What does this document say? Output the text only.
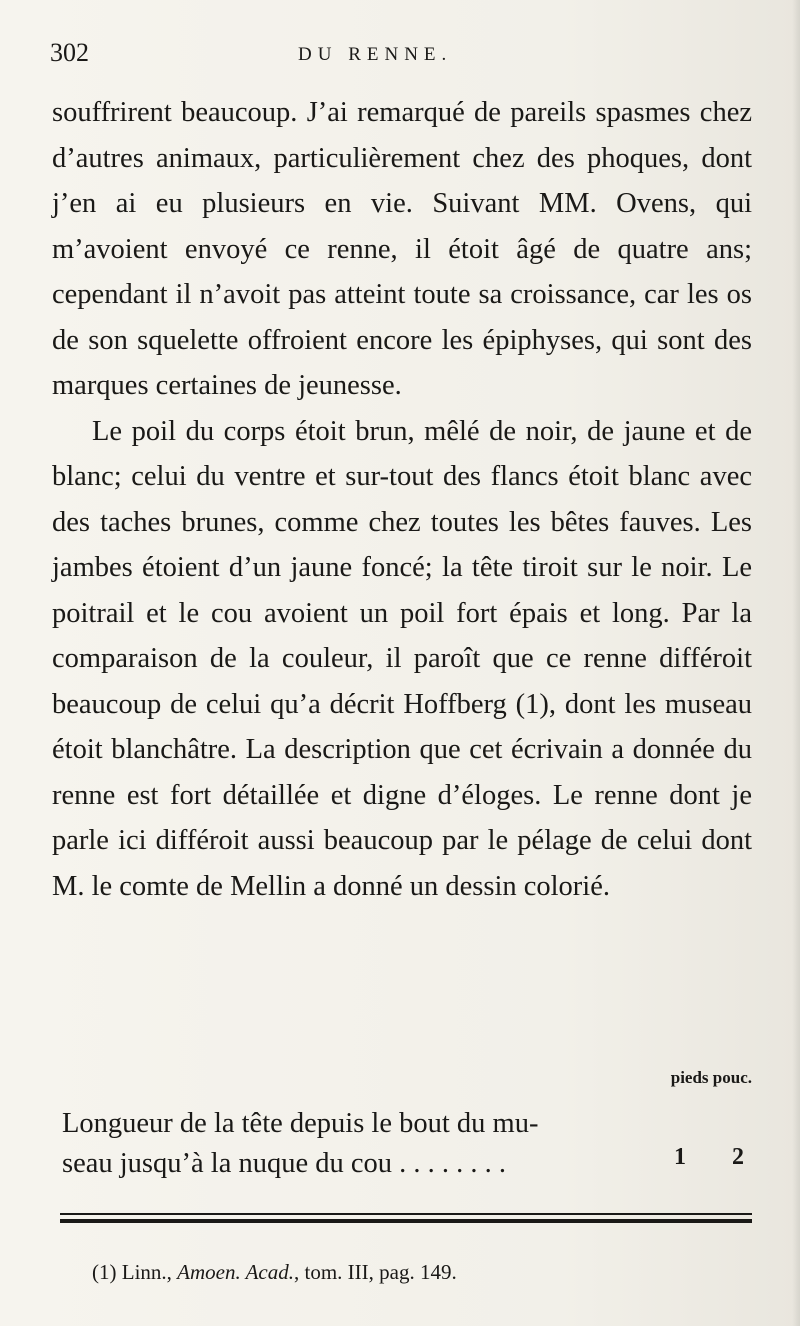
302	DU RENNE.

souffrirent beaucoup. J’ai remarqué de pareils spasmes chez d’autres animaux, particulièrement chez des phoques, dont j’en ai eu plusieurs en vie. Suivant MM. Ovens, qui m’avoient envoyé ce renne, il étoit âgé de quatre ans; cependant il n’avoit pas atteint toute sa croissance, car les os de son squelette offroient encore les épiphyses, qui sont des marques certaines de jeunesse.

Le poil du corps étoit brun, mêlé de noir, de jaune et de blanc; celui du ventre et sur-tout des flancs étoit blanc avec des taches brunes, comme chez toutes les bêtes fauves. Les jambes étoient d’un jaune foncé; la tête tiroit sur le noir. Le poitrail et le cou avoient un poil fort épais et long. Par la comparaison de la couleur, il paroît que ce renne différoit beaucoup de celui qu’a décrit Hoffberg (1), dont les museau étoit blanchâtre. La description que cet écrivain a donnée du renne est fort détaillée et digne d’éloges. Le renne dont je parle ici différoit aussi beaucoup par le pélage de celui dont M. le comte de Mellin a donné un dessin colorié.

pieds pouc.
Longueur de la tête depuis le bout du mu-
seau jusqu’à la nuque du cou . . . . . . . .	1 2
(1) Linn., Amoen. Acad., tom. III, pag. 149.
